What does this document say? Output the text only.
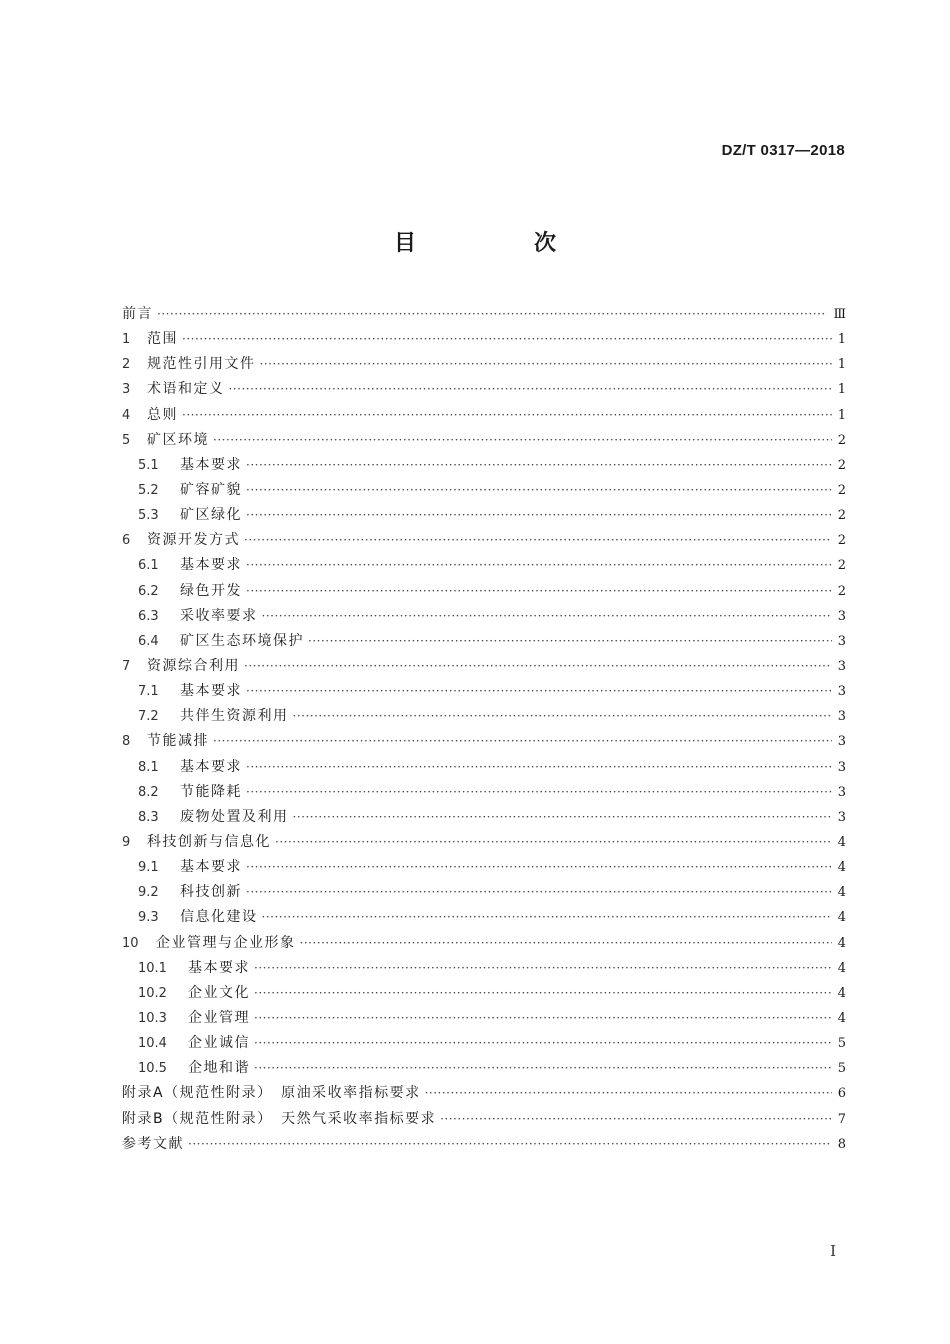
DZ/T 0317—2018
目　次
前言 ·····	Ⅲ
1	范围 ·····	1
2	规范性引用文件 ·····	1
3	术语和定义 ·····	1
4	总则 ·····	1
5	矿区环境 ·····	2
5.1	基本要求 ·····	2
5.2	矿容矿貌 ·····	2
5.3	矿区绿化 ·····	2
6	资源开发方式 ·····	2
6.1	基本要求 ·····	2
6.2	绿色开发 ·····	2
6.3	采收率要求 ·····	3
6.4	矿区生态环境保护 ·····	3
7	资源综合利用 ·····	3
7.1	基本要求 ·····	3
7.2	共伴生资源利用 ·····	3
8	节能减排 ·····	3
8.1	基本要求 ·····	3
8.2	节能降耗 ·····	3
8.3	废物处置及利用 ·····	3
9	科技创新与信息化 ·····	4
9.1	基本要求 ·····	4
9.2	科技创新 ·····	4
9.3	信息化建设 ·····	4
10	企业管理与企业形象 ·····	4
10.1	基本要求 ·····	4
10.2	企业文化 ·····	4
10.3	企业管理 ·····	4
10.4	企业诚信 ·····	5
10.5	企地和谐 ·····	5
附录A（规范性附录）　原油采收率指标要求 ·····	6
附录B（规范性附录）　天然气采收率指标要求 ·····	7
参考文献 ·····	8
I
